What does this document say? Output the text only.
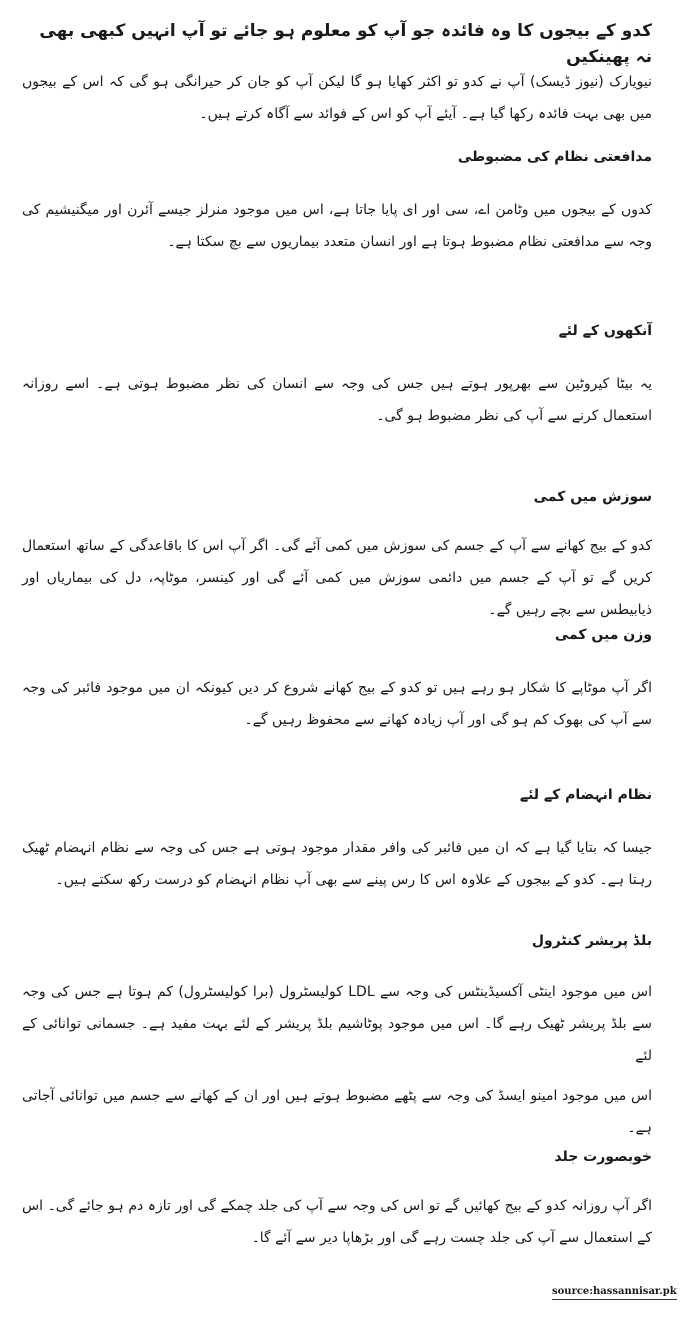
کدو کے بیجوں کا وہ فائدہ جو آپ کو معلوم ہو جائے تو آپ انہیں کبھی بھی نہ پھینکیں
نیویارک (نیوز ڈیسک) آپ نے کدو تو اکثر کھایا ہو گا لیکن آپ کو جان کر حیرانگی ہو گی کہ اس کے بیجوں میں بھی بہت فائدہ رکھا گیا ہے۔ آیئے آپ کو اس کے فوائد سے آگاہ کرتے ہیں۔
مدافعتی نظام کی مضبوطی
کدوں کے بیجوں میں وٹامن اے، سی اور ای پایا جاتا ہے، اس میں موجود منرلز جیسے آئرن اور میگنیشیم کی وجہ سے مدافعتی نظام مضبوط ہوتا ہے اور انسان متعدد بیماریوں سے بچ سکتا ہے۔
آنکھوں کے لئے
یہ بیٹا کیروٹین سے بھرپور ہوتے ہیں جس کی وجہ سے انسان کی نظر مضبوط ہوتی ہے۔ اسے روزانہ استعمال کرنے سے آپ کی نظر مضبوط ہو گی۔
سوزش میں کمی
کدو کے بیج کھانے سے آپ کے جسم کی سوزش میں کمی آئے گی۔ اگر آپ اس کا باقاعدگی کے ساتھ استعمال کریں گے تو آپ کے جسم میں دائمی سوزش میں کمی آئے گی اور کینسر، موٹاپہ، دل کی بیماریاں اور ذیابیطس سے بچے رہیں گے۔
وزن میں کمی
اگر آپ موٹاپے کا شکار ہو رہے ہیں تو کدو کے بیج کھانے شروع کر دیں کیونکہ ان میں موجود فائبر کی وجہ سے آپ کی بھوک کم ہو گی اور آپ زیادہ کھانے سے محفوظ رہیں گے۔
نظام انہضام کے لئے
جیسا کہ بتایا گیا ہے کہ ان میں فائبر کی وافر مقدار موجود ہوتی ہے جس کی وجہ سے نظام انہضام ٹھیک رہتا ہے۔ کدو کے بیجوں کے علاوہ اس کا رس پینے سے بھی آپ نظام انہضام کو درست رکھ سکتے ہیں۔
بلڈ پریشر کنٹرول
اس میں موجود اینٹی آکسیڈینٹس کی وجہ سے LDL کولیسٹرول (برا کولیسٹرول) کم ہوتا ہے جس کی وجہ سے بلڈ پریشر ٹھیک رہے گا۔ اس میں موجود پوٹاشیم بلڈ پریشر کے لئے بہت مفید ہے۔ جسمانی توانائی کے لئے
اس میں موجود امینو ایسڈ کی وجہ سے پٹھے مضبوط ہوتے ہیں اور ان کے کھانے سے جسم میں توانائی آجاتی ہے۔
خوبصورت جلد
اگر آپ روزانہ کدو کے بیج کھائیں گے تو اس کی وجہ سے آپ کی جلد چمکے گی اور تازہ دم ہو جائے گی۔ اس کے استعمال سے آپ کی جلد چست رہے گی اور بڑھاپا دیر سے آئے گا۔
source:hassannisar.pk
